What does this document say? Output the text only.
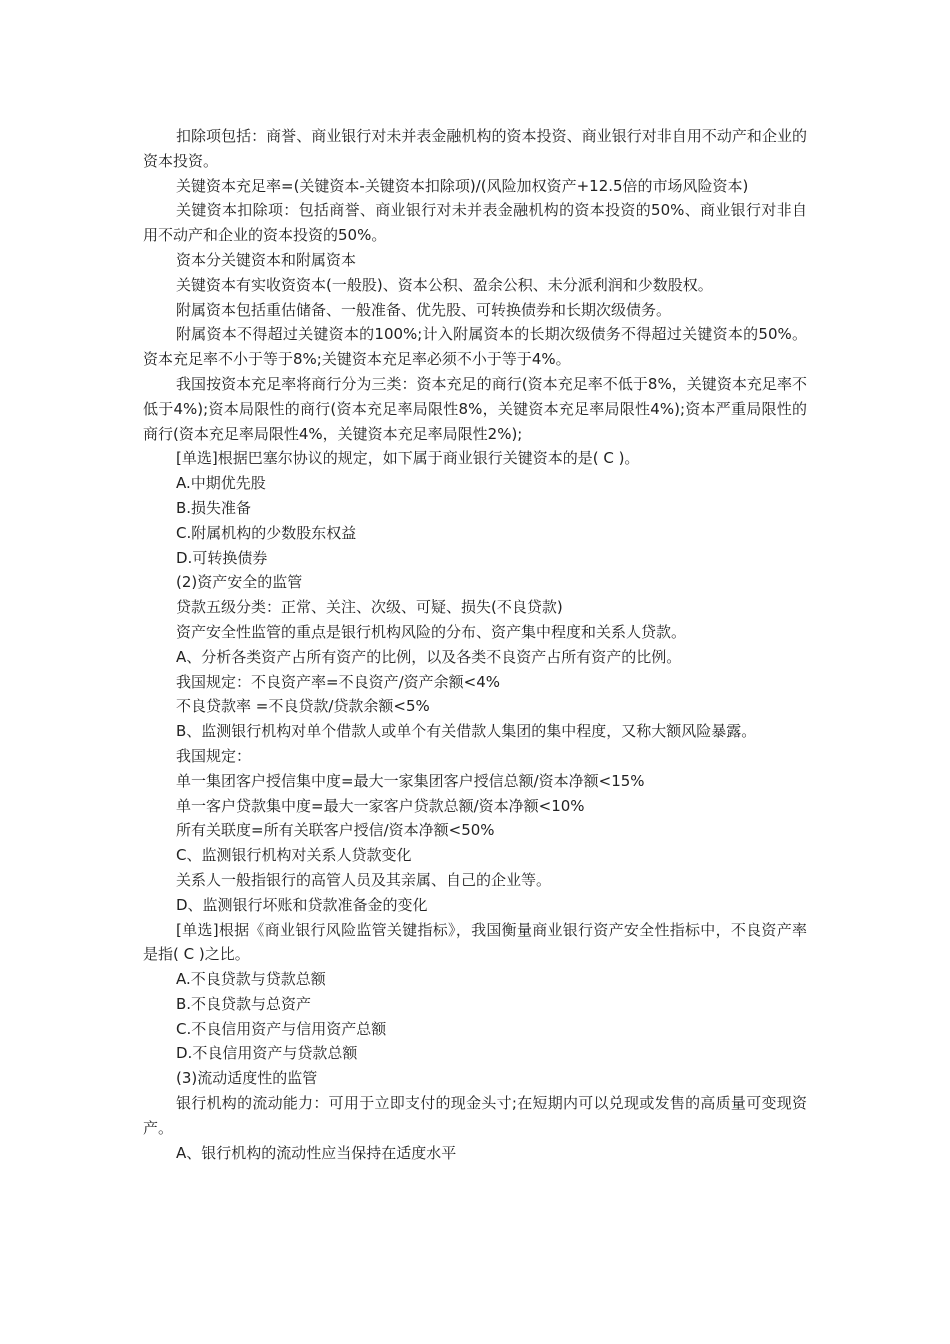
扣除项包括：商誉、商业银行对未并表金融机构的资本投资、商业银行对非自用不动产和企业的资本投资。

关键资本充足率=(关键资本-关键资本扣除项)/(风险加权资产+12.5倍的市场风险资本)

关键资本扣除项：包括商誉、商业银行对未并表金融机构的资本投资的50%、商业银行对非自用不动产和企业的资本投资的50%。

资本分关键资本和附属资本

关键资本有实收资资本(一般股)、资本公积、盈余公积、未分派利润和少数股权。

附属资本包括重估储备、一般准备、优先股、可转换债券和长期次级债务。

附属资本不得超过关键资本的100%;计入附属资本的长期次级债务不得超过关键资本的50%。资本充足率不小于等于8%;关键资本充足率必须不小于等于4%。

我国按资本充足率将商行分为三类：资本充足的商行(资本充足率不低于8%，关键资本充足率不低于4%);资本局限性的商行(资本充足率局限性8%，关键资本充足率局限性4%);资本严重局限性的商行(资本充足率局限性4%，关键资本充足率局限性2%);

[单选]根据巴塞尔协议的规定，如下属于商业银行关键资本的是( C )。

A.中期优先股

B.损失准备

C.附属机构的少数股东权益

D.可转换债券

(2)资产安全的监管

贷款五级分类：正常、关注、次级、可疑、损失(不良贷款)

资产安全性监管的重点是银行机构风险的分布、资产集中程度和关系人贷款。

A、分析各类资产占所有资产的比例，以及各类不良资产占所有资产的比例。

我国规定：不良资产率=不良资产/资产余额<4%

不良贷款率 =不良贷款/贷款余额<5%

B、监测银行机构对单个借款人或单个有关借款人集团的集中程度，又称大额风险暴露。

我国规定：

单一集团客户授信集中度=最大一家集团客户授信总额/资本净额<15%

单一客户贷款集中度=最大一家客户贷款总额/资本净额<10%

所有关联度=所有关联客户授信/资本净额<50%

C、监测银行机构对关系人贷款变化

关系人一般指银行的高管人员及其亲属、自己的企业等。

D、监测银行坏账和贷款准备金的变化

[单选]根据《商业银行风险监管关键指标》，我国衡量商业银行资产安全性指标中，不良资产率是指( C )之比。

A.不良贷款与贷款总额

B.不良贷款与总资产

C.不良信用资产与信用资产总额

D.不良信用资产与贷款总额

(3)流动适度性的监管

银行机构的流动能力：可用于立即支付的现金头寸;在短期内可以兑现或发售的高质量可变现资产。

A、银行机构的流动性应当保持在适度水平
